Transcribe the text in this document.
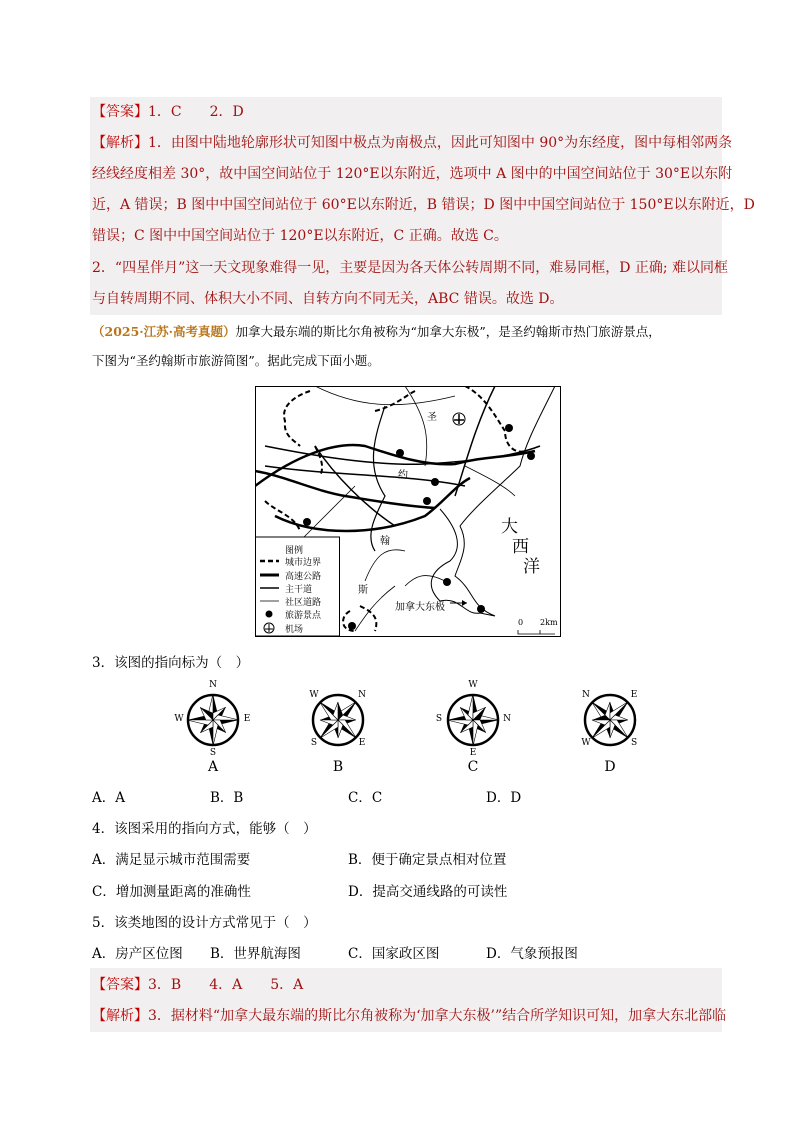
【答案】1．C　　2．D
【解析】1．由图中陆地轮廓形状可知图中极点为南极点，因此可知图中 90°为东经度，图中每相邻两条
经线经度相差 30°，故中国空间站位于 120°E以东附近，选项中 A 图中的中国空间站位于 30°E以东附
近，A 错误；B 图中中国空间站位于 60°E以东附近，B 错误；D 图中中国空间站位于 150°E以东附近，D
错误；C 图中中国空间站位于 120°E以东附近，C 正确。故选 C。
2．“四星伴月”这一天文现象难得一见，主要是因为各天体公转周期不同，难易同框，D 正确; 难以同框
与自转周期不同、体积大小不同、自转方向不同无关，ABC 错误。故选 D。
（2025·江苏·高考真题）加拿大最东端的斯比尔角被称为“加拿大东极”，是圣约翰斯市热门旅游景点，
下图为“圣约翰斯市旅游简图”。据此完成下面小题。
圣
约
翰
斯
大
西
洋
加拿大东极
0 2km
图例
城市边界
高速公路
主干道
社区道路
旅游景点
机场
3．该图的指向标为（　）
N
E
S
W
A
N
E
S
W
B
N
E
S
W
C
N	E
S
W
D
A．A	B．B	C．C	D．D
4．该图采用的指向方式，能够（　）
A．满足显示城市范围需要	B．便于确定景点相对位置
C．增加测量距离的准确性	D．提高交通线路的可读性
5．该类地图的设计方式常见于（　）
A．房产区位图 B．世界航海图	C．国家政区图	D．气象预报图
【答案】3．B　　4．A　　5．A
【解析】3．据材料“加拿大最东端的斯比尔角被称为‘加拿大东极’”结合所学知识可知，加拿大东北部临
